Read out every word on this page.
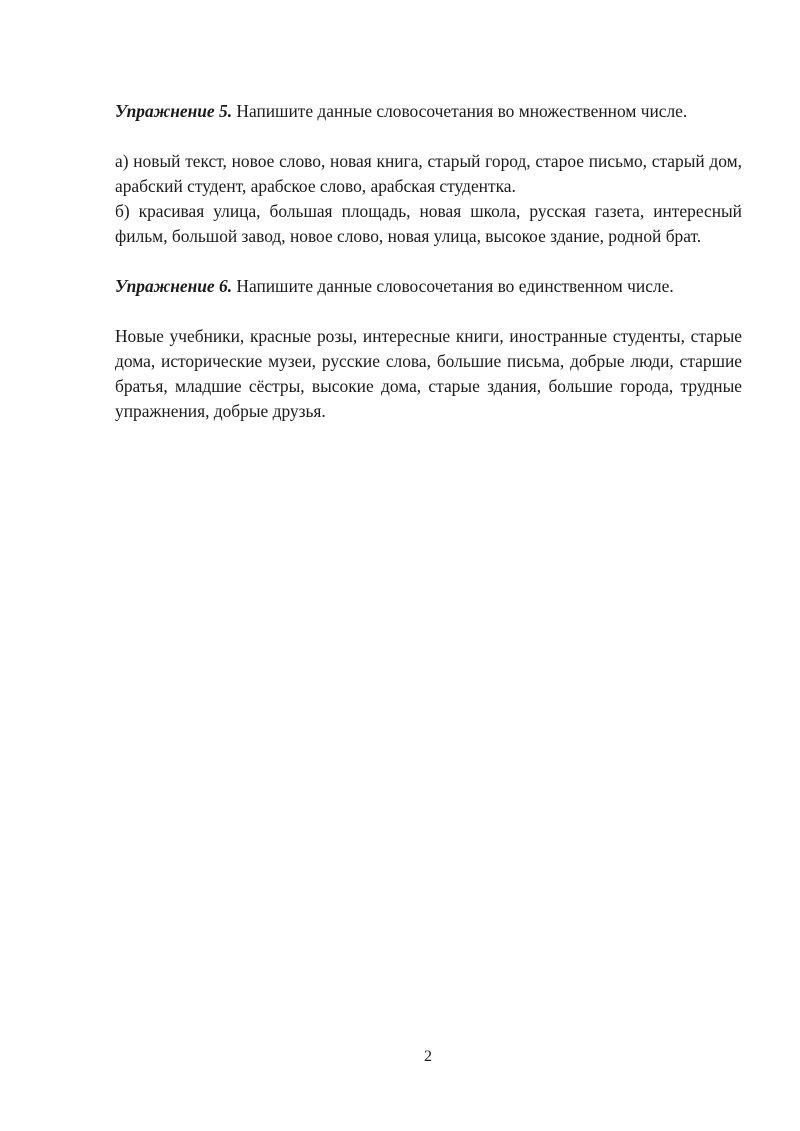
Упражнение 5. Напишите данные словосочетания во множественном числе.

а) новый текст, новое слово, новая книга, старый город, старое письмо, старый дом, арабский студент, арабское слово, арабская студентка.

б) красивая улица, большая площадь, новая школа, русская газета, интересный фильм, большой завод, новое слово, новая улица, высокое здание, родной брат.

Упражнение 6. Напишите данные словосочетания во единственном числе.

Новые учебники, красные розы, интересные книги, иностранные студенты, старые дома, исторические музеи, русские слова, большие письма, добрые люди, старшие братья, младшие сёстры, высокие дома, старые здания, большие города, трудные упражнения, добрые друзья.

2
